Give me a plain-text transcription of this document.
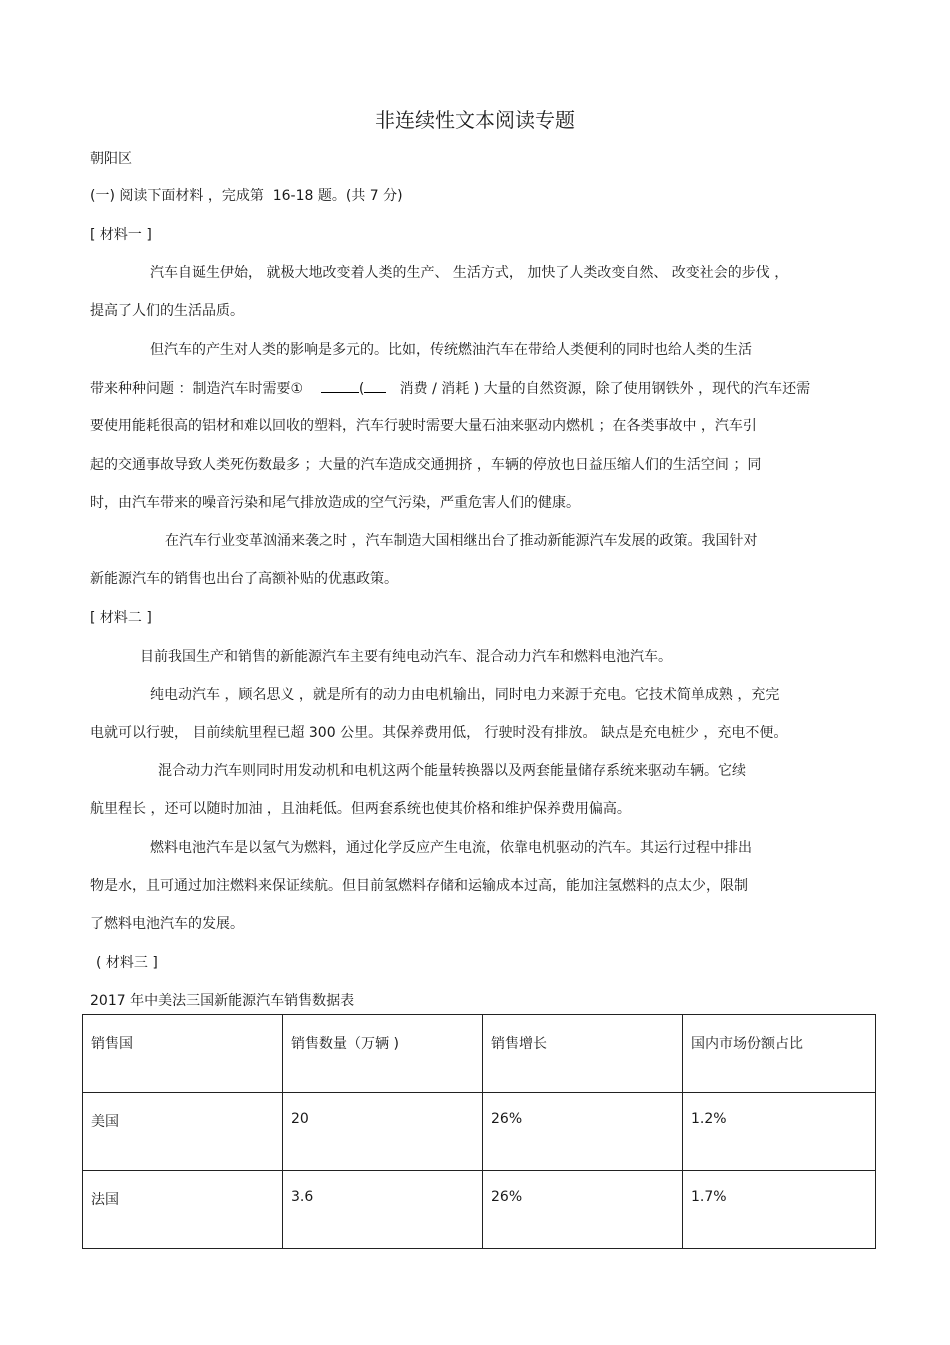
非连续性文本阅读专题
朝阳区
(一) 阅读下面材料 ，完成第 16-18 题。(共 7 分)
[ 材料一 ]
汽车自诞生伊始， 就极大地改变着人类的生产、 生活方式， 加快了人类改变自然、 改变社会的步伐 ，
提高了人们的生活品质。
但汽车的产生对人类的影响是多元的。比如，传统燃油汽车在带给人类便利的同时也给人类的生活
带来种种问题 ：制造汽车时需要①	(	消费 / 消耗 ) 大量的自然资源，除了使用钢铁外 ，现代的汽车还需
要使用能耗很高的铝材和难以回收的塑料，汽车行驶时需要大量石油来驱动内燃机 ；在各类事故中 ，汽车引
起的交通事故导致人类死伤数最多 ；大量的汽车造成交通拥挤 ，车辆的停放也日益压缩人们的生活空间 ；同
时，由汽车带来的噪音污染和尾气排放造成的空气污染，严重危害人们的健康。
在汽车行业变革汹涌来袭之时 ，汽车制造大国相继出台了推动新能源汽车发展的政策。我国针对
新能源汽车的销售也出台了高额补贴的优惠政策。
[ 材料二 ]
目前我国生产和销售的新能源汽车主要有纯电动汽车、混合动力汽车和燃料电池汽车。
纯电动汽车 ，顾名思义 ，就是所有的动力由电机输出，同时电力来源于充电。它技术简单成熟 ，充完
电就可以行驶， 目前续航里程已超 300 公里。其保养费用低， 行驶时没有排放。 缺点是充电桩少 ，充电不便。
混合动力汽车则同时用发动机和电机这两个能量转换器以及两套能量储存系统来驱动车辆。它续
航里程长 ，还可以随时加油 ，且油耗低。但两套系统也使其价格和维护保养费用偏高。
燃料电池汽车是以氢气为燃料，通过化学反应产生电流，依靠电机驱动的汽车。其运行过程中排出
物是水，且可通过加注燃料来保证续航。但目前氢燃料存储和运输成本过高，能加注氢燃料的点太少，限制
了燃料电池汽车的发展。
( 材料三 ]
2017 年中美法三国新能源汽车销售数据表
销售国	销售数量（万辆 )	销售增长	国内市场份额占比
美国	20	26%	1.2%
法国	3.6	26%	1.7%
